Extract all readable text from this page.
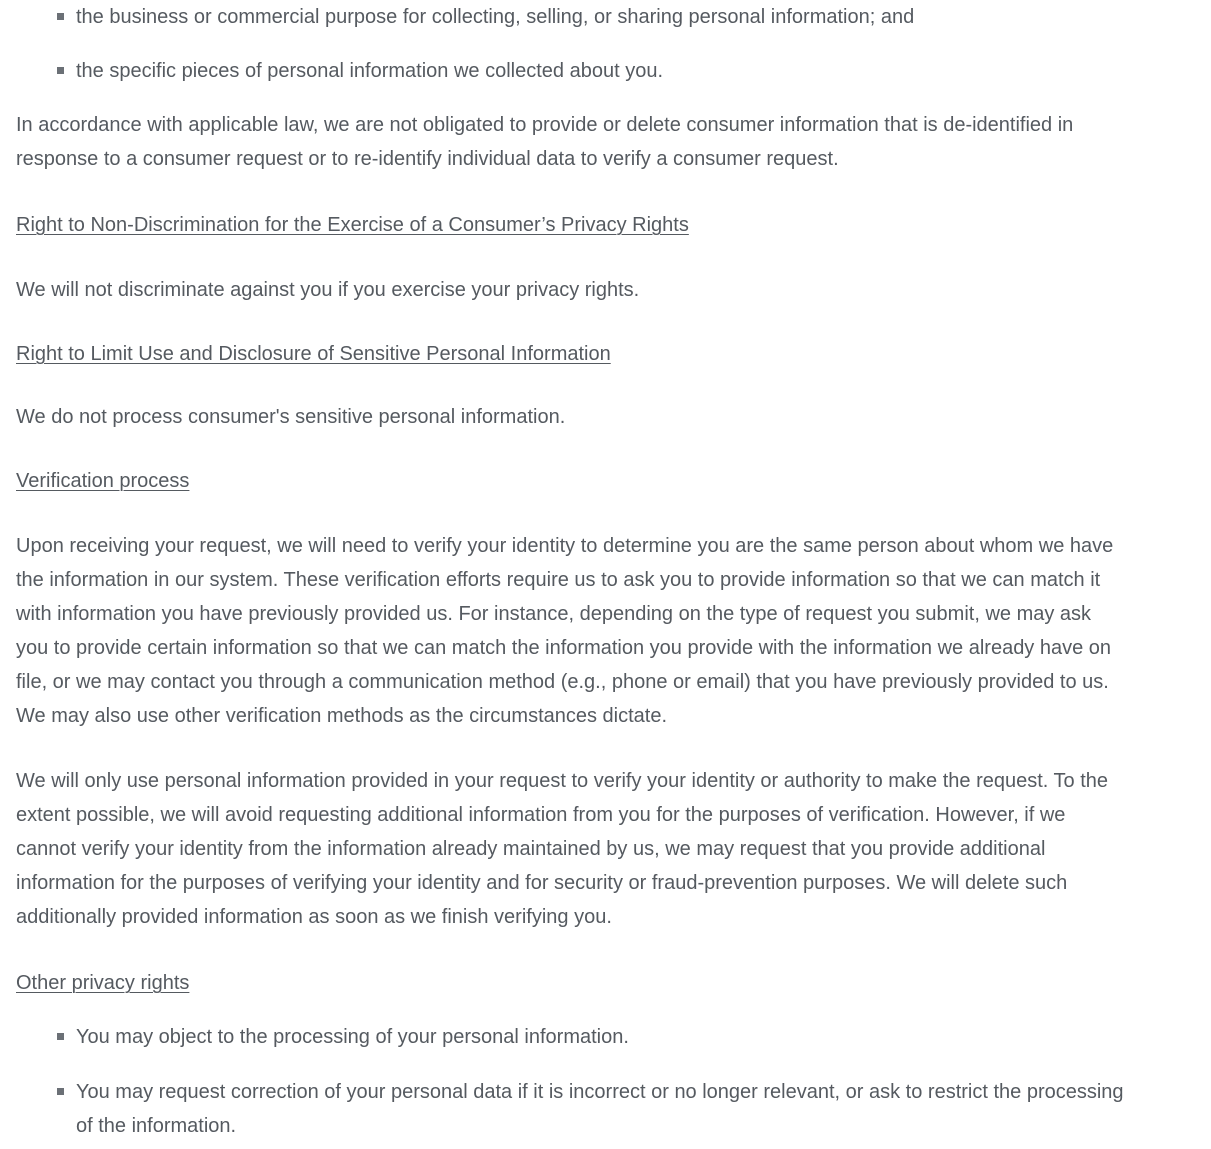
the business or commercial purpose for collecting, selling, or sharing personal information; and
the specific pieces of personal information we collected about you.

In accordance with applicable law, we are not obligated to provide or delete consumer information that is de-identified in response to a consumer request or to re-identify individual data to verify a consumer request.

Right to Non-Discrimination for the Exercise of a Consumer’s Privacy Rights

We will not discriminate against you if you exercise your privacy rights.

Right to Limit Use and Disclosure of Sensitive Personal Information

We do not process consumer's sensitive personal information.

Verification process

Upon receiving your request, we will need to verify your identity to determine you are the same person about whom we have the information in our system. These verification efforts require us to ask you to provide information so that we can match it with information you have previously provided us. For instance, depending on the type of request you submit, we may ask you to provide certain information so that we can match the information you provide with the information we already have on file, or we may contact you through a communication method (e.g., phone or email) that you have previously provided to us. We may also use other verification methods as the circumstances dictate.

We will only use personal information provided in your request to verify your identity or authority to make the request. To the extent possible, we will avoid requesting additional information from you for the purposes of verification. However, if we cannot verify your identity from the information already maintained by us, we may request that you provide additional information for the purposes of verifying your identity and for security or fraud-prevention purposes. We will delete such additionally provided information as soon as we finish verifying you.

Other privacy rights

You may object to the processing of your personal information.
You may request correction of your personal data if it is incorrect or no longer relevant, or ask to restrict the processing of the information.
